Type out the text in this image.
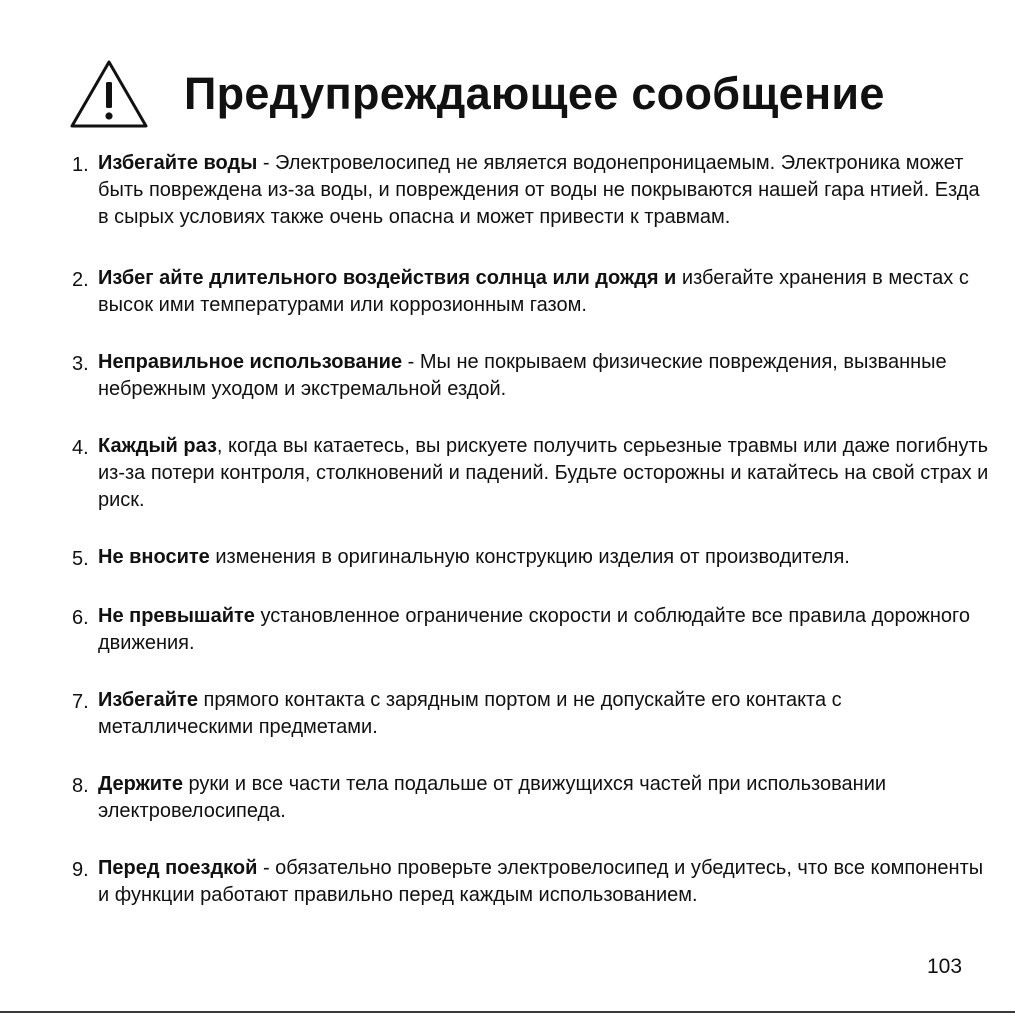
Предупреждающее сообщение
1. Избегайте воды - Электровелосипед не является водонепроницаемым. Электроника может быть повреждена из-за воды, и повреждения от воды не покрываются нашей гара нтией. Езда в сырых условиях также очень опасна и может привести к травмам.
2. Избег айте длительного воздействия солнца или дождя и избегайте хранения в местах с высок ими температурами или коррозионным газом.
3. Неправильное использование - Мы не покрываем физические повреждения, вызванные небрежным уходом и экстремальной ездой.
4. Каждый раз, когда вы катаетесь, вы рискуете получить серьезные травмы или даже погибнуть из-за потери контроля, столкновений и падений. Будьте осторожны и катайтесь на свой страх и риск.
5. Не вносите изменения в оригинальную конструкцию изделия от производителя.
6. Не превышайте установленное ограничение скорости и соблюдайте все правила дорожного движения.
7. Избегайте прямого контакта с зарядным портом и не допускайте его контакта с металлическими предметами.
8. Держите руки и все части тела подальше от движущихся частей при использовании электровелосипеда.
9. Перед поездкой - обязательно проверьте электровелосипед и убедитесь, что все компоненты и функции работают правильно перед каждым использованием.
103
